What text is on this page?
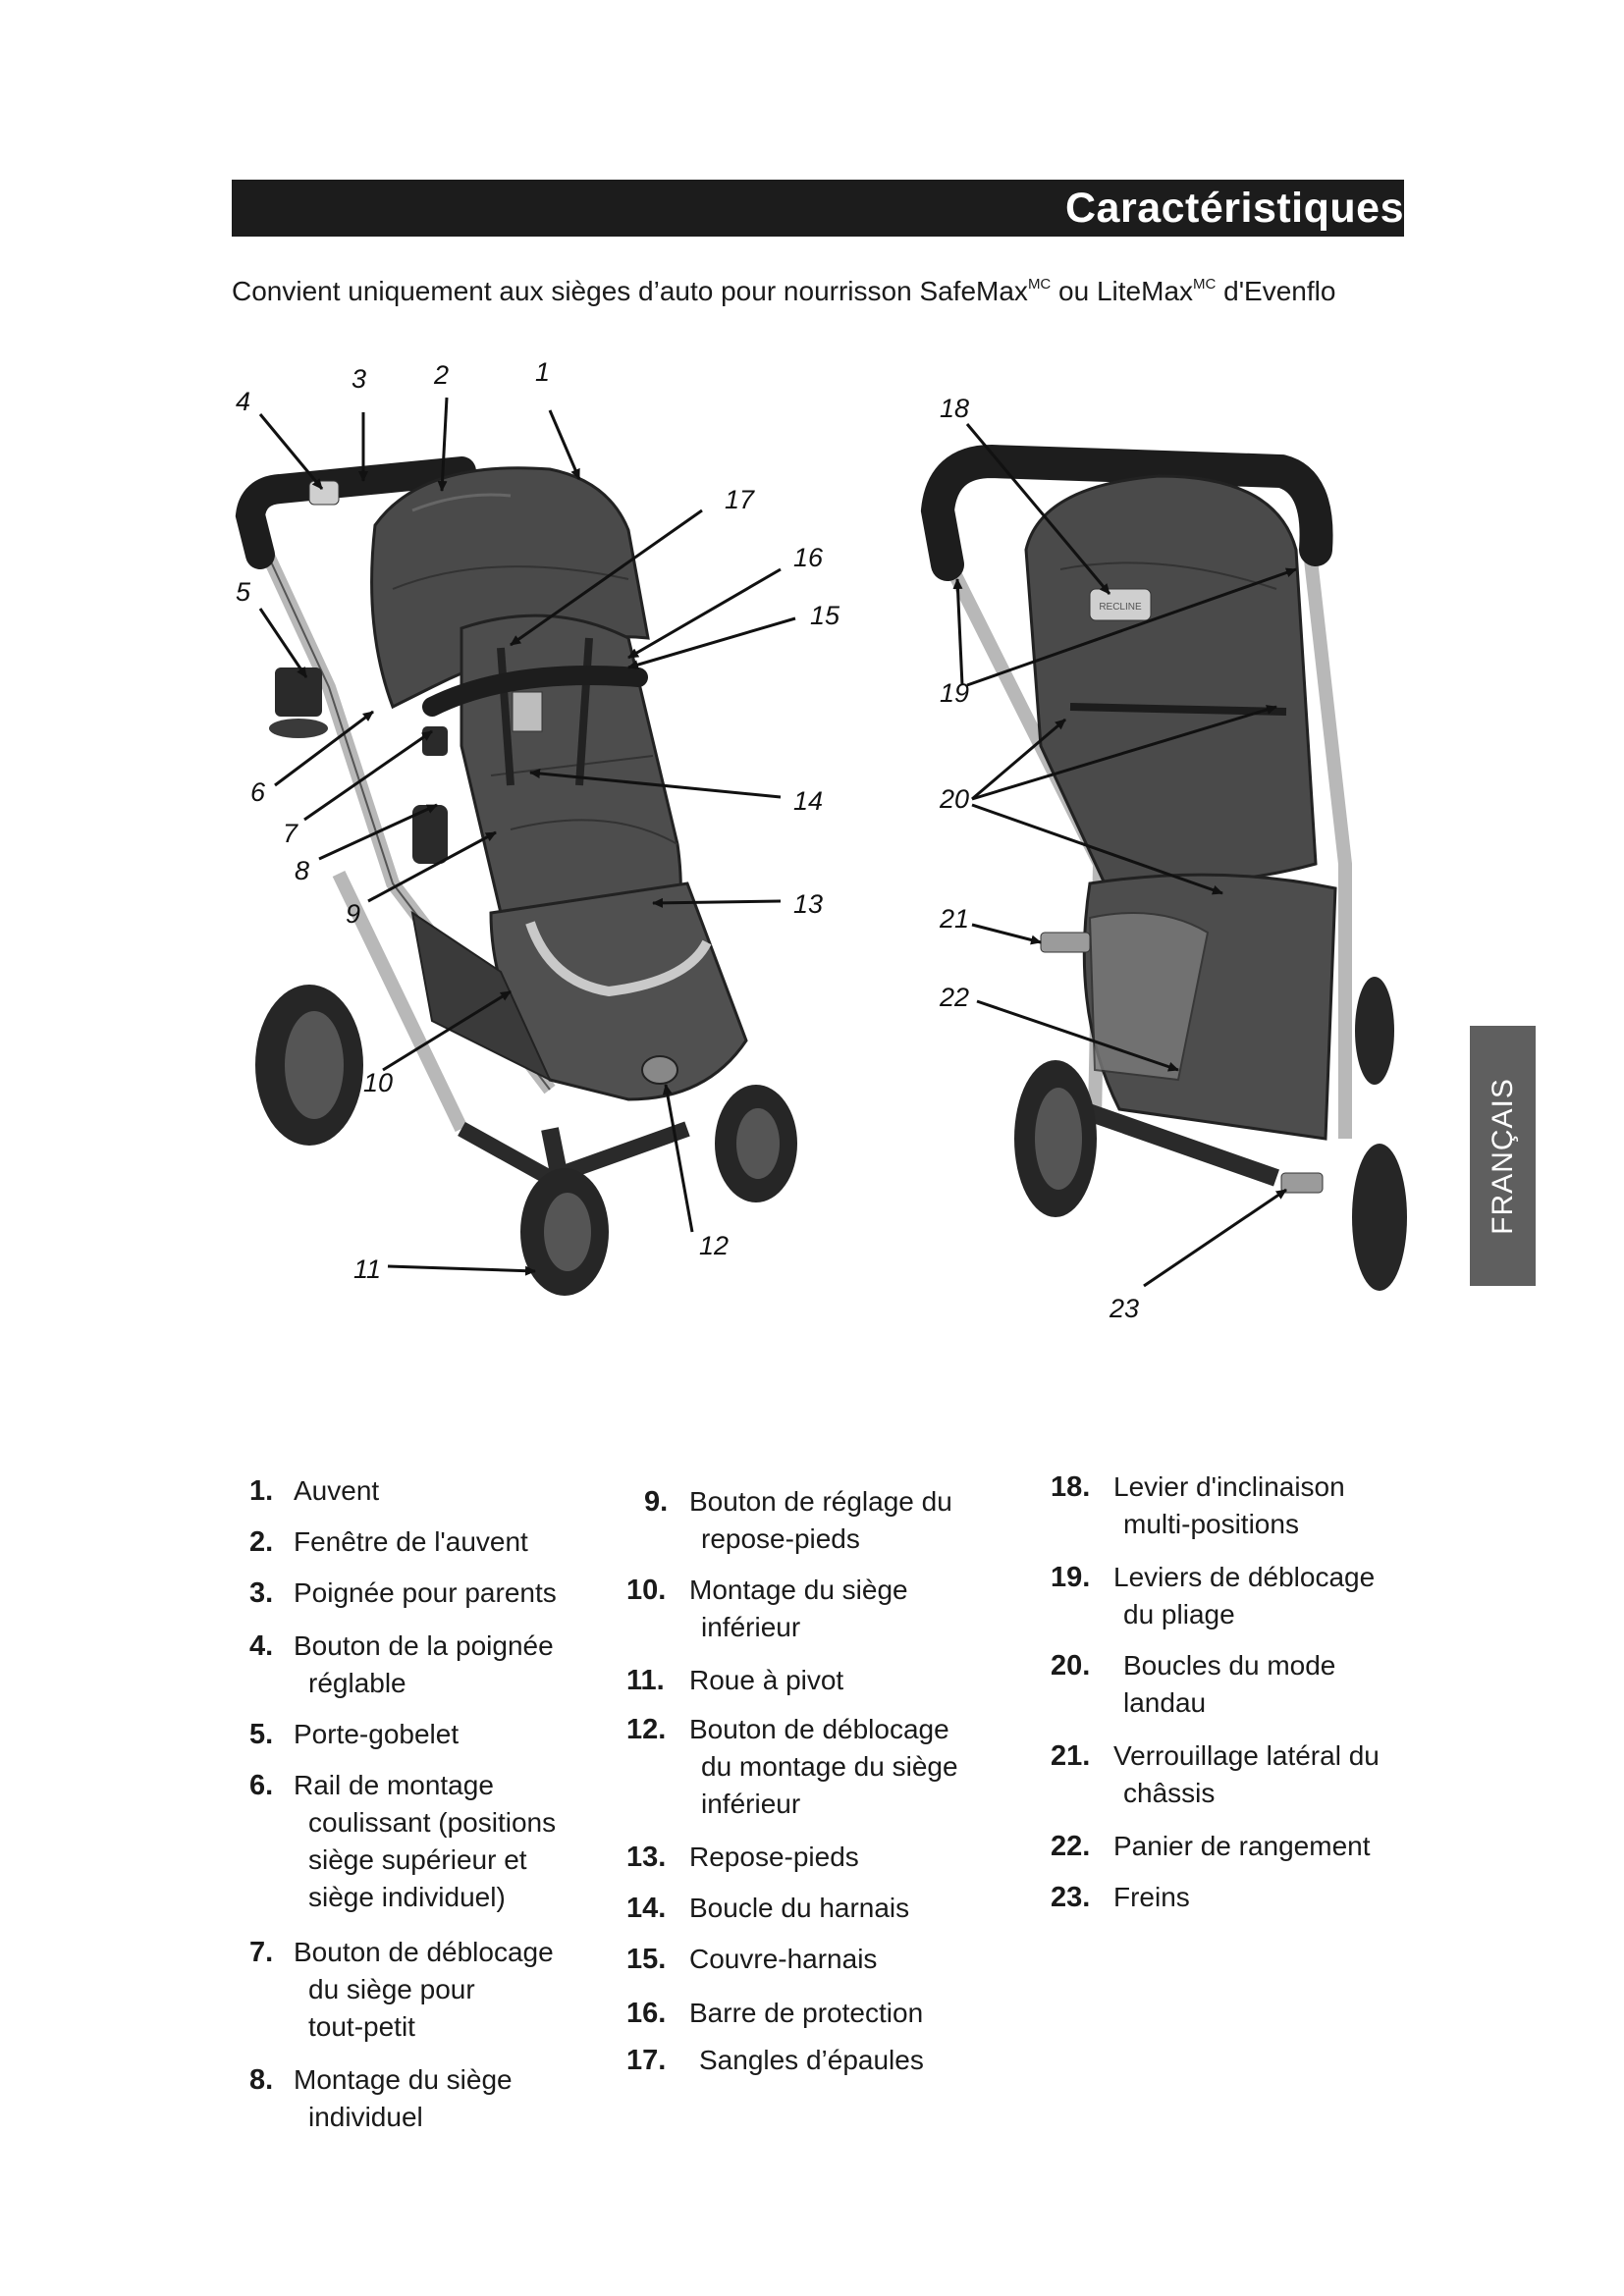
Caractéristiques
Convient uniquement aux sièges d’auto pour nourrisson SafeMax$^{MC}$ ou LiteMax$^{MC}$ d'Evenflo
FRANÇAIS
RECLINE
1
2
3
4
5
6
7
8
9
10
11
12
13
14
15
16
17
18
19
20
21
22
23
1. Auvent
2. Fenêtre de l'auvent
3. Poignée pour parents
4. Bouton de la poignée
réglable
5. Porte-gobelet
6. Rail de montage
coulissant (positions
siège supérieur et
siège individuel)
7. Bouton de déblocage
du siège pour
tout-petit
8. Montage du siège
individuel
9. Bouton de réglage du
repose-pieds
10. Montage du siège
inférieur
11. Roue à pivot
12. Bouton de déblocage
du montage du siège
inférieur
13. Repose-pieds
14. Boucle du harnais
15. Couvre-harnais
16. Barre de protection
17.	Sangles d’épaules
18. Levier d'inclinaison
multi-positions
19. Leviers de déblocage
du pliage
20.	Boucles du mode
landau
21. Verrouillage latéral du
châssis
22. Panier de rangement
23. Freins
